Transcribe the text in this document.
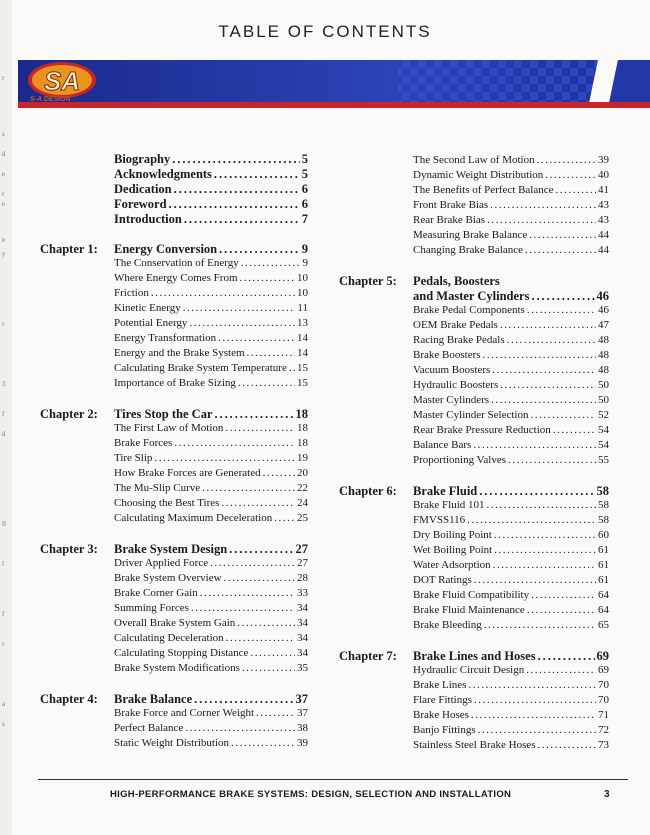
r
s
d
e
r
e
e
y
r
3
f
d
ll
l
f
r
a
s
TABLE OF CONTENTS
SA
S-A DESIGN
Biography . . .	5
Acknowledgments . . .	5
Dedication . . .	6
Foreword . . .	6
Introduction . . .	7
Chapter 1: Energy Conversion . . .	9
The Conservation of Energy . . .	9
Where Energy Comes From . . .	10
Friction . . .	10
Kinetic Energy . . .	11
Potential Energy . . .	13
Energy Transformation . . .	14
Energy and the Brake System . . .	14
Calculating Brake System Temperature . . . 15
Importance of Brake Sizing . . .	15
Chapter 2: Tires Stop the Car . . .	18
The First Law of Motion . . .	18
Brake Forces . . .	18
Tire Slip . . .	19
How Brake Forces are Generated . . .	20
The Mu-Slip Curve . . .	22
Choosing the Best Tires . . .	24
Calculating Maximum Deceleration . . . 25
Chapter 3: Brake System Design . . .	27
Driver Applied Force . . .	27
Brake System Overview . . .	28
Brake Corner Gain . . .	33
Summing Forces . . .	34
Overall Brake System Gain . . .	34
Calculating Deceleration . . .	34
Calculating Stopping Distance . . .	34
Brake System Modifications . . .	35
Chapter 4: Brake Balance . . .	37
Brake Force and Corner Weight . . .	37
Perfect Balance . . .	38
Static Weight Distribution . . .	39
The Second Law of Motion . . .	39
Dynamic Weight Distribution . . .	40
The Benefits of Perfect Balance . . .	41
Front Brake Bias . . .	43
Rear Brake Bias . . .	43
Measuring Brake Balance . . .	44
Changing Brake Balance . . .	44
Chapter 5: Pedals, Boosters
and Master Cylinders . . .	46
Brake Pedal Components . . .	46
OEM Brake Pedals . . .	47
Racing Brake Pedals . . .	48
Brake Boosters . . .	48
Vacuum Boosters . . .	48
Hydraulic Boosters . . .	50
Master Cylinders . . .	50
Master Cylinder Selection . . .	52
Rear Brake Pressure Reduction . . .	54
Balance Bars . . .	54
Proportioning Valves . . .	55
Chapter 6: Brake Fluid . . .	58
Brake Fluid 101 . . .	58
FMVSS116 . . .	58
Dry Boiling Point . . .	60
Wet Boiling Point . . .	61
Water Adsorption . . .	61
DOT Ratings . . .	61
Brake Fluid Compatibility . . .	64
Brake Fluid Maintenance . . .	64
Brake Bleeding . . .	65
Chapter 7: Brake Lines and Hoses . . .	69
Hydraulic Circuit Design . . .	69
Brake Lines . . .	70
Flare Fittings . . .	70
Brake Hoses . . .	71
Banjo Fittings . . .	72
Stainless Steel Brake Hoses . . .	73
HIGH-PERFORMANCE BRAKE SYSTEMS: DESIGN, SELECTION AND INSTALLATION	3
